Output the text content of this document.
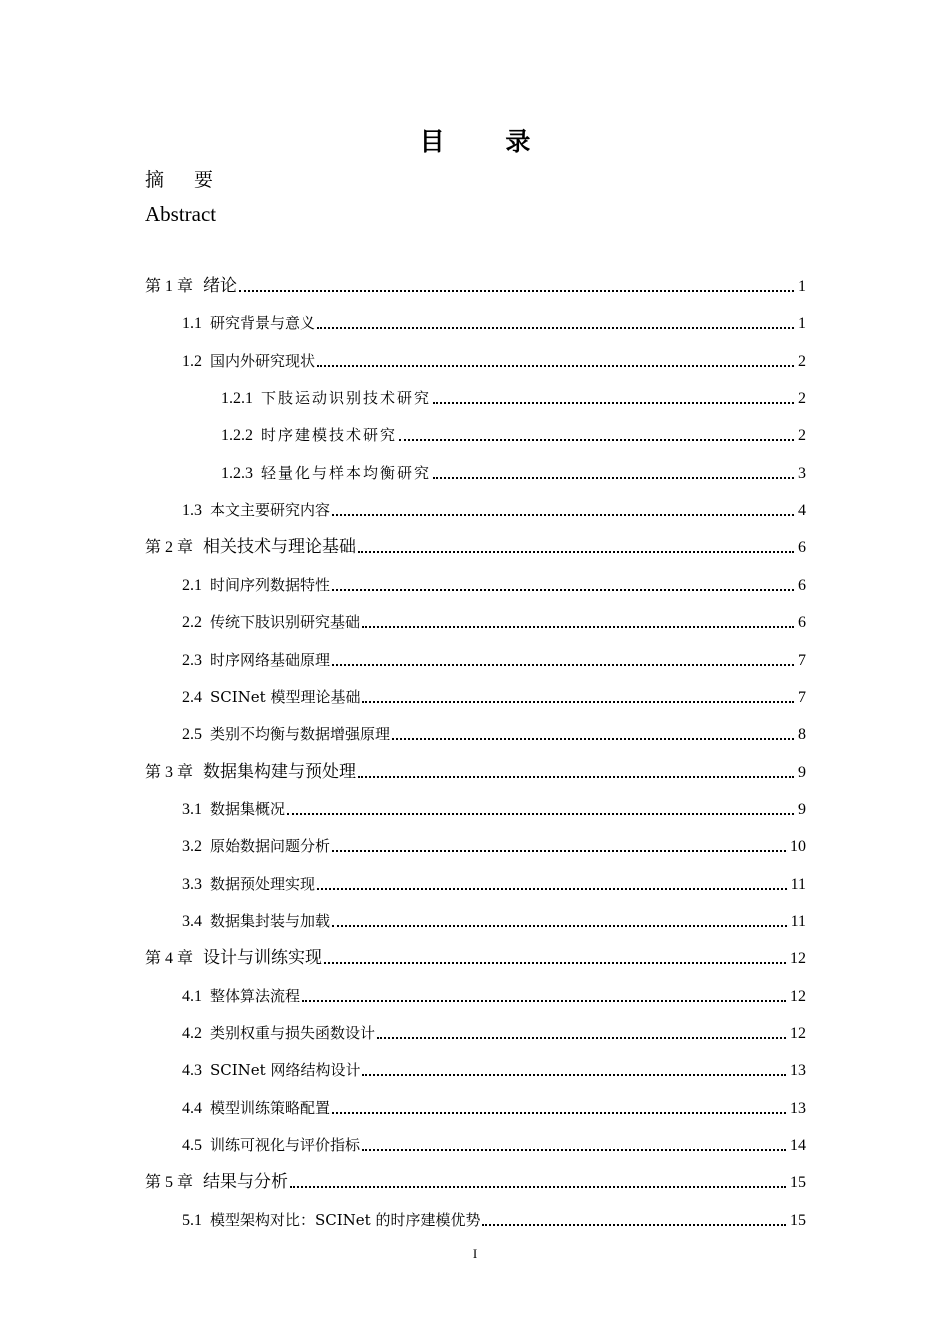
目 录
摘 要
Abstract
第 1 章 绪论	1
1.1 研究背景与意义	1
1.2 国内外研究现状	2
1.2.1 下肢运动识别技术研究	2
1.2.2 时序建模技术研究	2
1.2.3 轻量化与样本均衡研究	3
1.3 本文主要研究内容	4
第 2 章 相关技术与理论基础	6
2.1 时间序列数据特性	6
2.2 传统下肢识别研究基础	6
2.3 时序网络基础原理	7
2.4 SCINet 模型理论基础	7
2.5 类别不均衡与数据增强原理	8
第 3 章 数据集构建与预处理	9
3.1 数据集概况	9
3.2 原始数据问题分析	10
3.3 数据预处理实现	11
3.4 数据集封装与加载	11
第 4 章 设计与训练实现	12
4.1 整体算法流程	12
4.2 类别权重与损失函数设计	12
4.3 SCINet 网络结构设计	13
4.4 模型训练策略配置	13
4.5 训练可视化与评价指标	14
第 5 章 结果与分析	15
5.1 模型架构对比：SCINet 的时序建模优势	15
I
